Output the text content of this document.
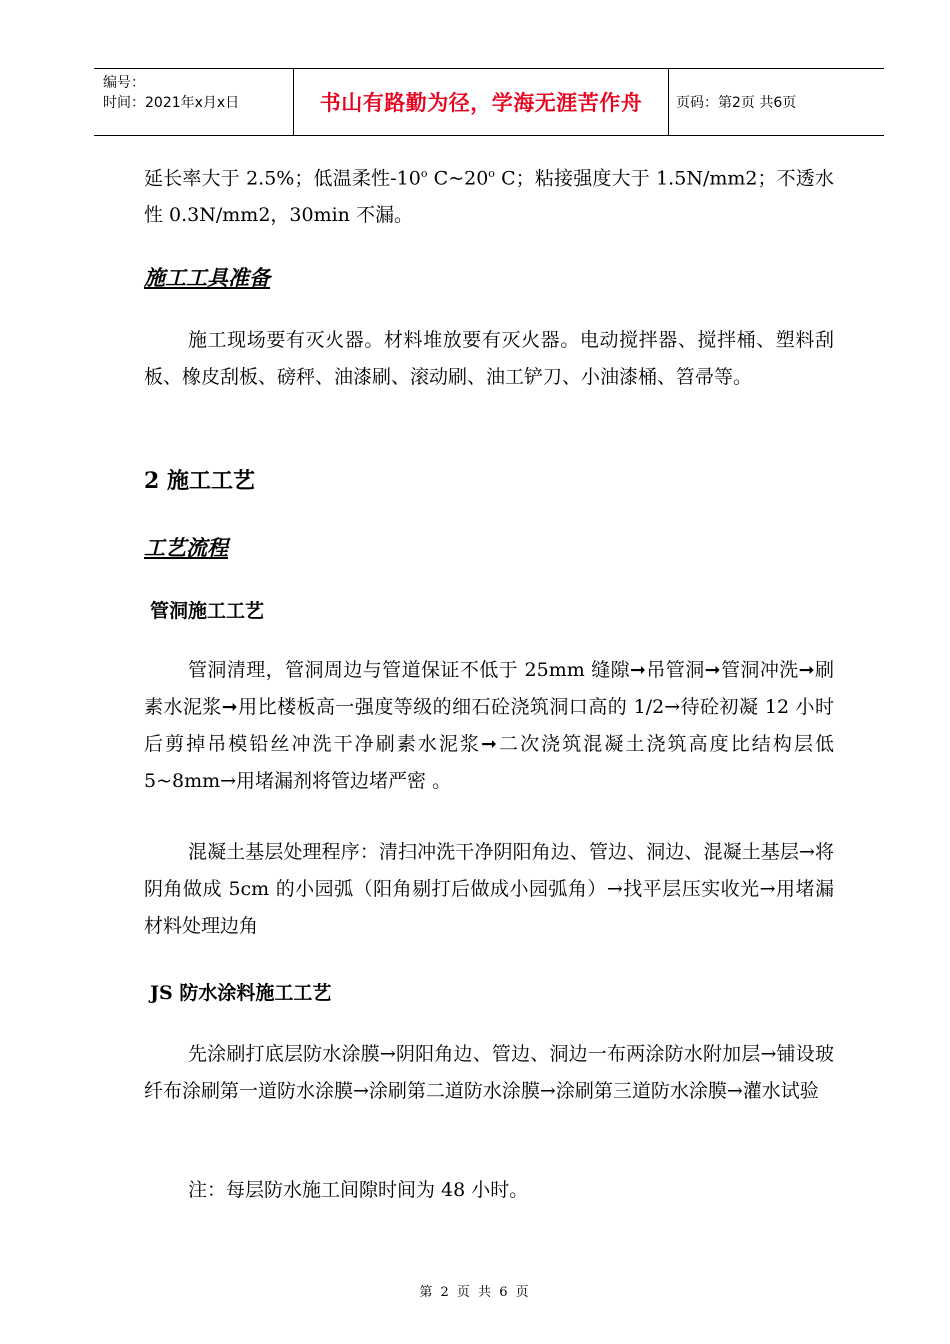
编号：
时间：2021年x月x日	书山有路勤为径，学海无涯苦作舟	页码：第2页 共6页

延长率大于 2.5%；低温柔性-10$^o$ C~20$^o$ C；粘接强度大于 1.5N/mm2；不透水性 0.3N/mm2，30min 不漏。

施工工具准备

施工现场要有灭火器。材料堆放要有灭火器。电动搅拌器、搅拌桶、塑料刮板、橡皮刮板、磅秤、油漆刷、滚动刷、油工铲刀、小油漆桶、笤帚等。

2 施工工艺
工艺流程
管洞施工工艺

管洞清理，管洞周边与管道保证不低于 25mm 缝隙➞吊管洞➞管洞冲洗➞刷素水泥浆➞用比楼板高一强度等级的细石砼浇筑洞口高的 1/2→待砼初凝 12 小时后剪掉吊模铅丝冲洗干净刷素水泥浆➞二次浇筑混凝土浇筑高度比结构层低 5~8mm→用堵漏剂将管边堵严密 。

混凝土基层处理程序：清扫冲洗干净阴阳角边、管边、洞边、混凝土基层→将阴角做成 5cm 的小园弧（阳角剔打后做成小园弧角）→找平层压实收光→用堵漏材料处理边角

JS 防水涂料施工工艺

先涂刷打底层防水涂膜→阴阳角边、管边、洞边一布两涂防水附加层→铺设玻纤布涂刷第一道防水涂膜→涂刷第二道防水涂膜→涂刷第三道防水涂膜→灌水试验

注：每层防水施工间隙时间为 48 小时。

第 2 页 共 6 页
